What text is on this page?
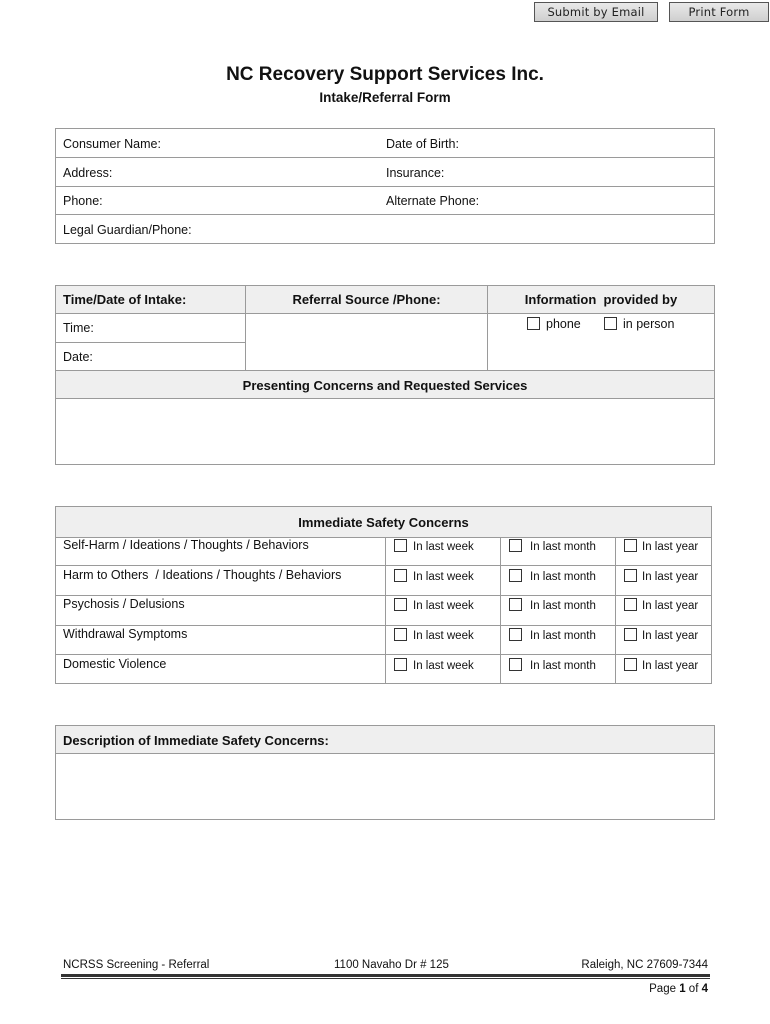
Submit by Email	Print Form
NC Recovery Support Services Inc.
Intake/Referral Form
Consumer Name:	Date of Birth:
Address:	Insurance:
Phone:	Alternate Phone:
Legal Guardian/Phone:
Time/Date of Intake:	Referral Source /Phone:	Information  provided by
Time:
Date:
phone	in person
Presenting Concerns and Requested Services
Immediate Safety Concerns
Self-Harm / Ideations / Thoughts / Behaviors	In last week	In last month	In last year
Harm to Others  / Ideations / Thoughts / Behaviors	In last week	In last month	In last year
Psychosis / Delusions	In last week	In last month	In last year
Withdrawal Symptoms	In last week	In last month	In last year
Domestic Violence	In last week	In last month	In last year
Description of Immediate Safety Concerns:
NCRSS Screening - Referral	1100 Navaho Dr # 125	Raleigh, NC 27609-7344
Page 1 of 4
